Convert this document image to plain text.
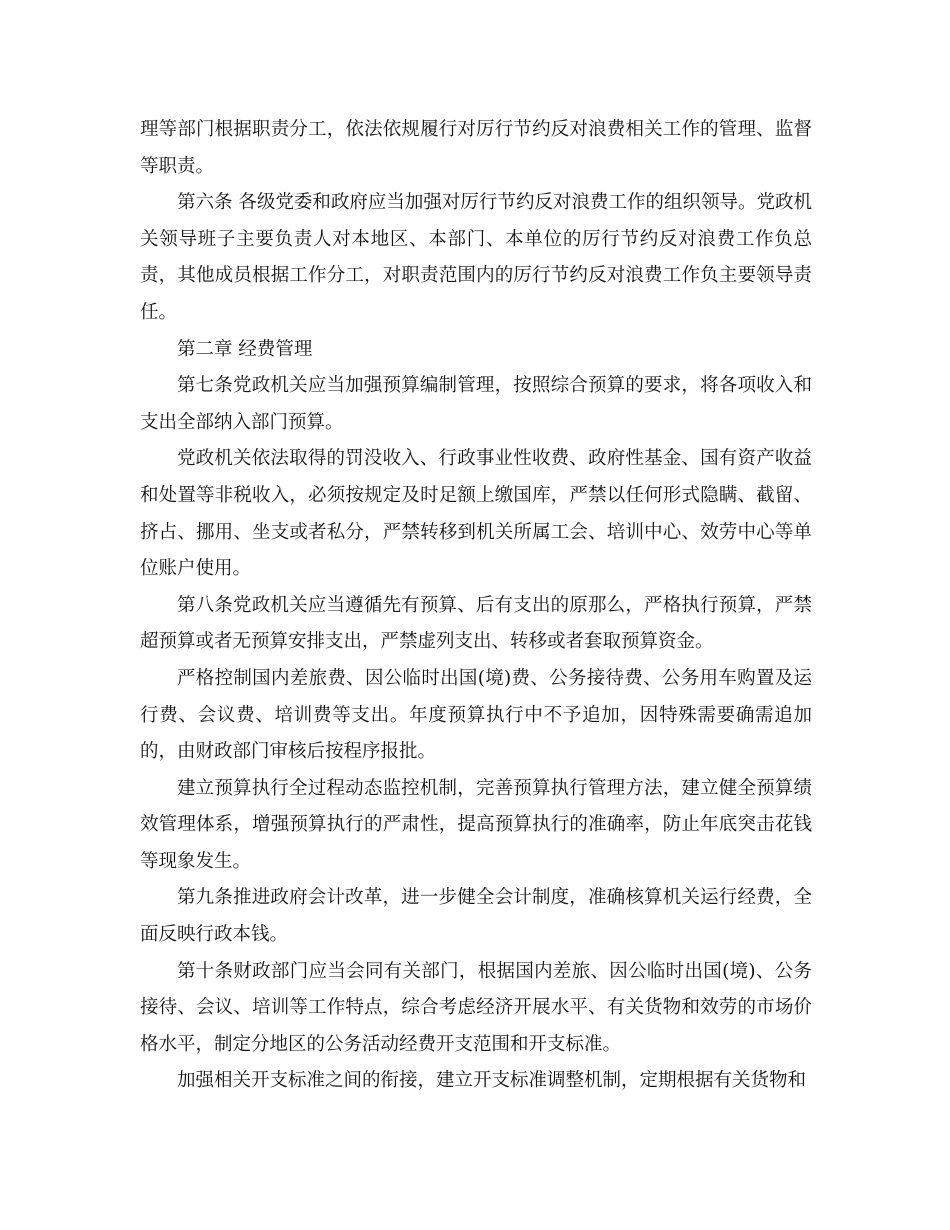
理等部门根据职责分工，依法依规履行对厉行节约反对浪费相关工作的管理、监督等职责。

第六条 各级党委和政府应当加强对厉行节约反对浪费工作的组织领导。党政机关领导班子主要负责人对本地区、本部门、本单位的厉行节约反对浪费工作负总责，其他成员根据工作分工，对职责范围内的厉行节约反对浪费工作负主要领导责任。

第二章 经费管理

第七条党政机关应当加强预算编制管理，按照综合预算的要求，将各项收入和支出全部纳入部门预算。

党政机关依法取得的罚没收入、行政事业性收费、政府性基金、国有资产收益和处置等非税收入，必须按规定及时足额上缴国库，严禁以任何形式隐瞒、截留、挤占、挪用、坐支或者私分，严禁转移到机关所属工会、培训中心、效劳中心等单位账户使用。

第八条党政机关应当遵循先有预算、后有支出的原那么，严格执行预算，严禁超预算或者无预算安排支出，严禁虚列支出、转移或者套取预算资金。

严格控制国内差旅费、因公临时出国(境)费、公务接待费、公务用车购置及运行费、会议费、培训费等支出。年度预算执行中不予追加，因特殊需要确需追加的，由财政部门审核后按程序报批。

建立预算执行全过程动态监控机制，完善预算执行管理方法，建立健全预算绩效管理体系，增强预算执行的严肃性，提高预算执行的准确率，防止年底突击花钱等现象发生。

第九条推进政府会计改革，进一步健全会计制度，准确核算机关运行经费，全面反映行政本钱。

第十条财政部门应当会同有关部门，根据国内差旅、因公临时出国(境)、公务接待、会议、培训等工作特点，综合考虑经济开展水平、有关货物和效劳的市场价格水平，制定分地区的公务活动经费开支范围和开支标准。

加强相关开支标准之间的衔接，建立开支标准调整机制，定期根据有关货物和
